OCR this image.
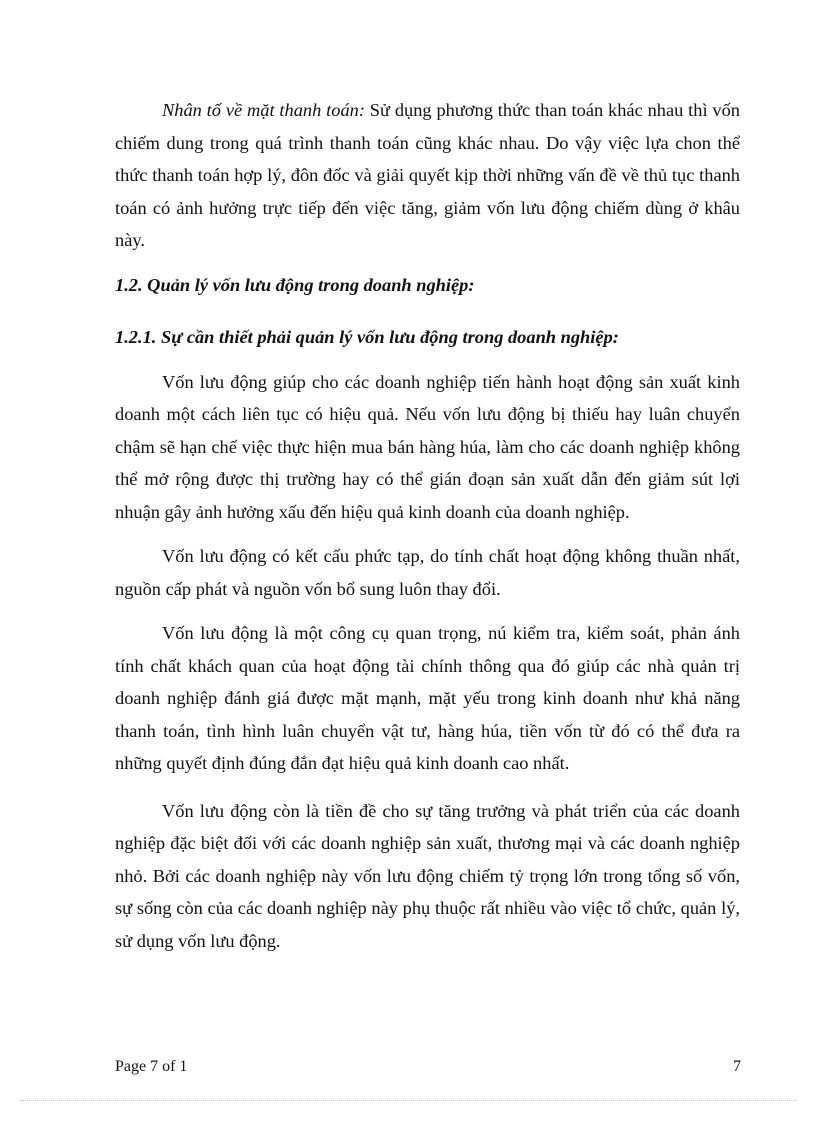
Nhân tố về mặt thanh toán: Sử dụng phương thức than toán khác nhau thì vốn chiếm dung trong quá trình thanh toán cũng khác nhau. Do vậy việc lựa chon thể thức thanh toán hợp lý, đôn đốc và giải quyết kịp thời những vấn đề về thủ tục thanh toán có ảnh hưởng trực tiếp đến việc tăng, giảm vốn lưu động chiếm dùng ở khâu này.

1.2. Quản lý vốn lưu động trong doanh nghiệp:

1.2.1. Sự cần thiết phải quản lý vốn lưu động trong doanh nghiệp:

Vốn lưu động giúp cho các doanh nghiệp tiến hành hoạt động sản xuất kinh doanh một cách liên tục có hiệu quả. Nếu vốn lưu động bị thiếu hay luân chuyển chậm sẽ hạn chế việc thực hiện mua bán hàng húa, làm cho các doanh nghiệp không thể mở rộng được thị trường hay có thể gián đoạn sản xuất dẫn đến giảm sút lợi nhuận gây ảnh hưởng xấu đến hiệu quả kinh doanh của doanh nghiệp.

Vốn lưu động có kết cấu phức tạp, do tính chất hoạt động không thuần nhất, nguồn cấp phát và nguồn vốn bổ sung luôn thay đổi.

Vốn lưu động là một công cụ quan trọng, nú kiểm tra, kiểm soát, phản ánh tính chất khách quan của hoạt động tài chính thông qua đó giúp các nhà quản trị doanh nghiệp đánh giá được mặt mạnh, mặt yếu trong kinh doanh như khả năng thanh toán, tình hình luân chuyển vật tư, hàng húa, tiền vốn từ đó có thể đưa ra những quyết định đúng đắn đạt hiệu quả kinh doanh cao nhất.

Vốn lưu động còn là tiền đề cho sự tăng trưởng và phát triển của các doanh nghiệp đặc biệt đối với các doanh nghiệp sản xuất, thương mại và các doanh nghiệp nhỏ. Bởi các doanh nghiệp này vốn lưu động chiếm tỷ trọng lớn trong tổng số vốn, sự sống còn của các doanh nghiệp này phụ thuộc rất nhiều vào việc tổ chức, quản lý, sử dụng vốn lưu động.

Page 7 of 1	7
